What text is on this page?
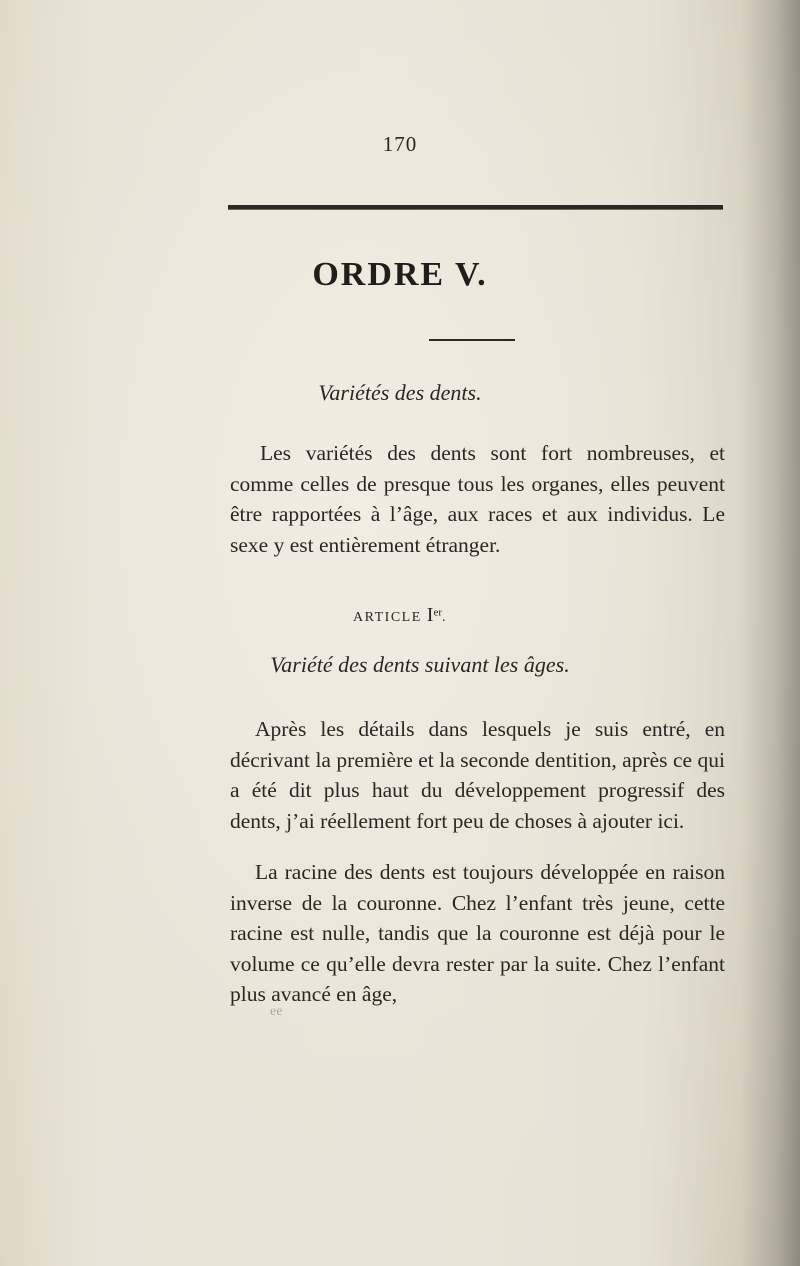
170
ORDRE V.
Variétés des dents.

Les variétés des dents sont fort nombreuses, et comme celles de presque tous les organes, elles peuvent être rapportées à l’âge, aux races et aux individus. Le sexe y est entièrement étranger.

ARTICLE Ier.
Variété des dents suivant les âges.

Après les détails dans lesquels je suis entré, en décrivant la première et la seconde dentition, après ce qui a été dit plus haut du développement progressif des dents, j’ai réellement fort peu de choses à ajouter ici.

La racine des dents est toujours développée en raison inverse de la couronne. Chez l’enfant très jeune, cette racine est nulle, tandis que la couronne est déjà pour le volume ce qu’elle devra rester par la suite. Chez l’enfant plus avancé en âge,

ee
